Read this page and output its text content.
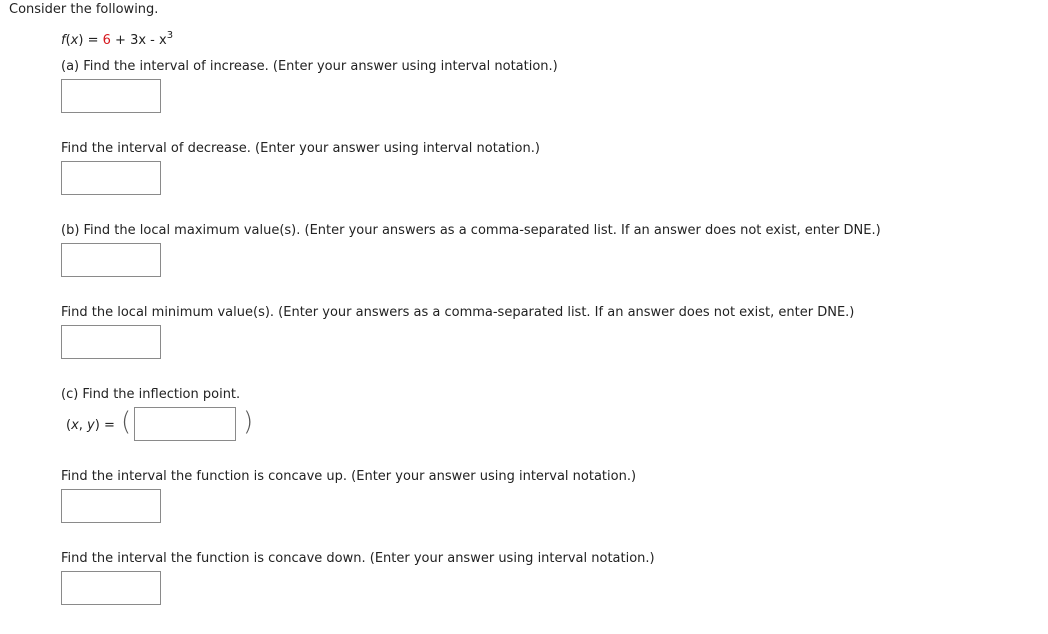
Consider the following.
$f(x) = 6 + 3x - x^3$
(a) Find the interval of increase. (Enter your answer using interval notation.)
Find the interval of decrease. (Enter your answer using interval notation.)
(b) Find the local maximum value(s). (Enter your answers as a comma-separated list. If an answer does not exist, enter DNE.)
Find the local minimum value(s). (Enter your answers as a comma-separated list. If an answer does not exist, enter DNE.)
(c) Find the inflection point.
(x, y) = (	)
Find the interval the function is concave up. (Enter your answer using interval notation.)
Find the interval the function is concave down. (Enter your answer using interval notation.)
